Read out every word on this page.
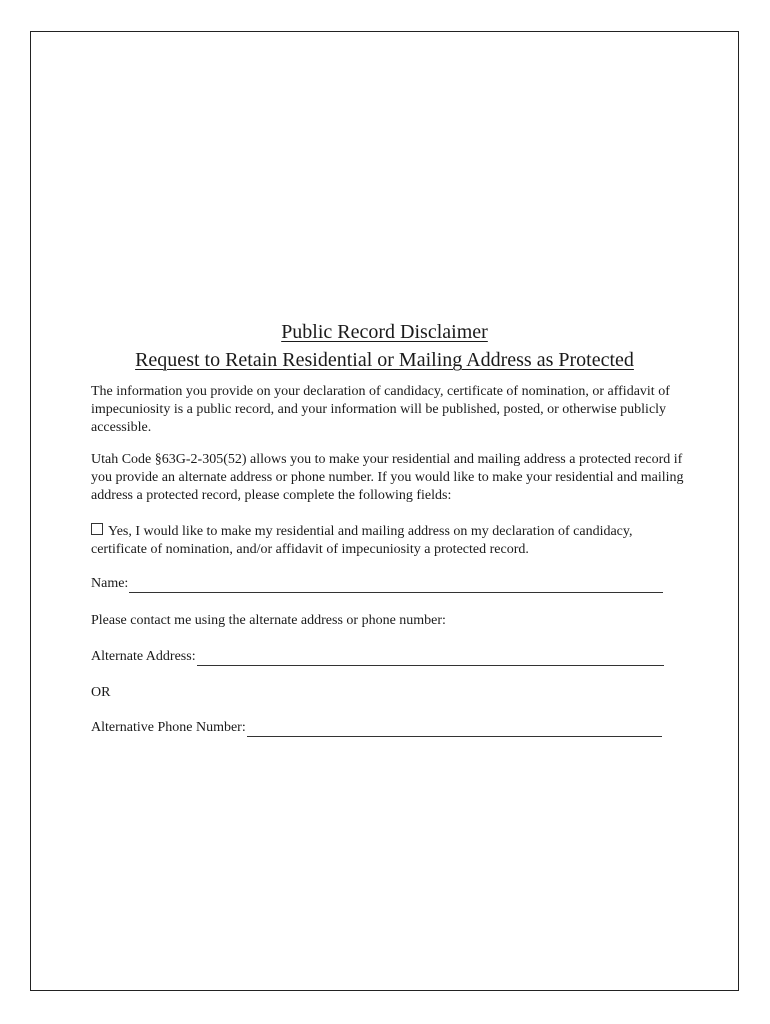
Public Record Disclaimer
Request to Retain Residential or Mailing Address as Protected

The information you provide on your declaration of candidacy, certificate of nomination, or affidavit of impecuniosity is a public record, and your information will be published, posted, or otherwise publicly accessible.

Utah Code §63G-2-305(52) allows you to make your residential and mailing address a protected record if you provide an alternate address or phone number. If you would like to make your residential and mailing address a protected record, please complete the following fields:

Yes, I would like to make my residential and mailing address on my declaration of candidacy, certificate of nomination, and/or affidavit of impecuniosity a protected record.

Name:

Please contact me using the alternate address or phone number:

Alternate Address:

OR

Alternative Phone Number:
